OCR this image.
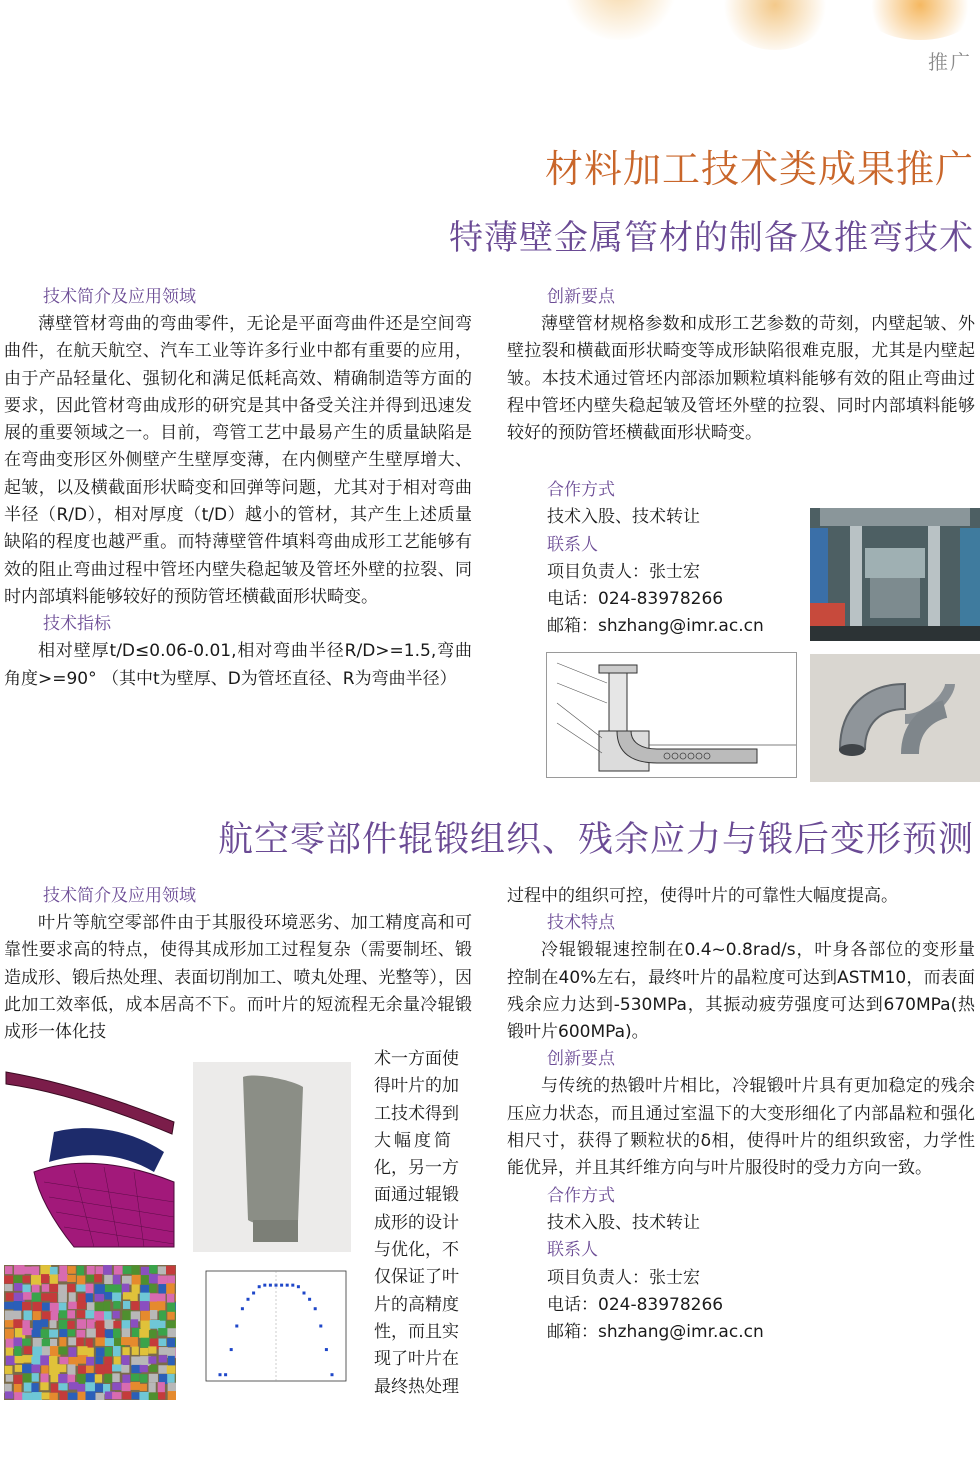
推广
材料加工技术类成果推广
特薄壁金属管材的制备及推弯技术
技术简介及应用领域

薄壁管材弯曲的弯曲零件，无论是平面弯曲件还是空间弯曲件，在航天航空、汽车工业等许多行业中都有重要的应用，由于产品轻量化、强韧化和满足低耗高效、精确制造等方面的要求，因此管材弯曲成形的研究是其中备受关注并得到迅速发展的重要领域之一。目前，弯管工艺中最易产生的质量缺陷是在弯曲变形区外侧壁产生壁厚变薄，在内侧壁产生壁厚增大、起皱，以及横截面形状畸变和回弹等问题，尤其对于相对弯曲半径（R/D），相对厚度（t/D）越小的管材，其产生上述质量缺陷的程度也越严重。而特薄壁管件填料弯曲成形工艺能够有效的阻止弯曲过程中管坯内壁失稳起皱及管坯外壁的拉裂、同时内部填料能够较好的预防管坯横截面形状畸变。

技术指标

相对壁厚t/D≤0.06-0.01,相对弯曲半径R/D>=1.5,弯曲角度>=90° （其中t为壁厚、D为管坯直径、R为弯曲半径）

创新要点

薄壁管材规格参数和成形工艺参数的苛刻，内壁起皱、外壁拉裂和横截面形状畸变等成形缺陷很难克服，尤其是内壁起皱。本技术通过管坯内部添加颗粒填料能够有效的阻止弯曲过程中管坯内壁失稳起皱及管坯外壁的拉裂、同时内部填料能够较好的预防管坯横截面形状畸变。

合作方式
技术入股、技术转让
联系人
项目负责人：张士宏
电话：024-83978266
邮箱：shzhang@imr.ac.cn
航空零部件辊锻组织、残余应力与锻后变形预测
技术简介及应用领域

叶片等航空零部件由于其服役环境恶劣、加工精度高和可靠性要求高的特点，使得其成形加工过程复杂（需要制坯、锻造成形、锻后热处理、表面切削加工、喷丸处理、光整等），因此加工效率低，成本居高不下。而叶片的短流程无余量冷辊锻成形一体化技

术一方面使
得叶片的加
工技术得到
大幅度简
化，另一方
面通过辊锻
成形的设计
与优化，不
仅保证了叶
片的高精度
性，而且实
现了叶片在
最终热处理
过程中的组织可控，使得叶片的可靠性大幅度提高。
技术特点

冷辊锻辊速控制在0.4~0.8rad/s，叶身各部位的变形量控制在40%左右，最终叶片的晶粒度可达到ASTM10，而表面残余应力达到-530MPa，其振动疲劳强度可达到670MPa(热锻叶片600MPa)。

创新要点

与传统的热锻叶片相比，冷辊锻叶片具有更加稳定的残余压应力状态，而且通过室温下的大变形细化了内部晶粒和强化相尺寸，获得了颗粒状的δ相，使得叶片的组织致密，力学性能优异，并且其纤维方向与叶片服役时的受力方向一致。

合作方式
技术入股、技术转让
联系人
项目负责人：张士宏
电话：024-83978266
邮箱：shzhang@imr.ac.cn
